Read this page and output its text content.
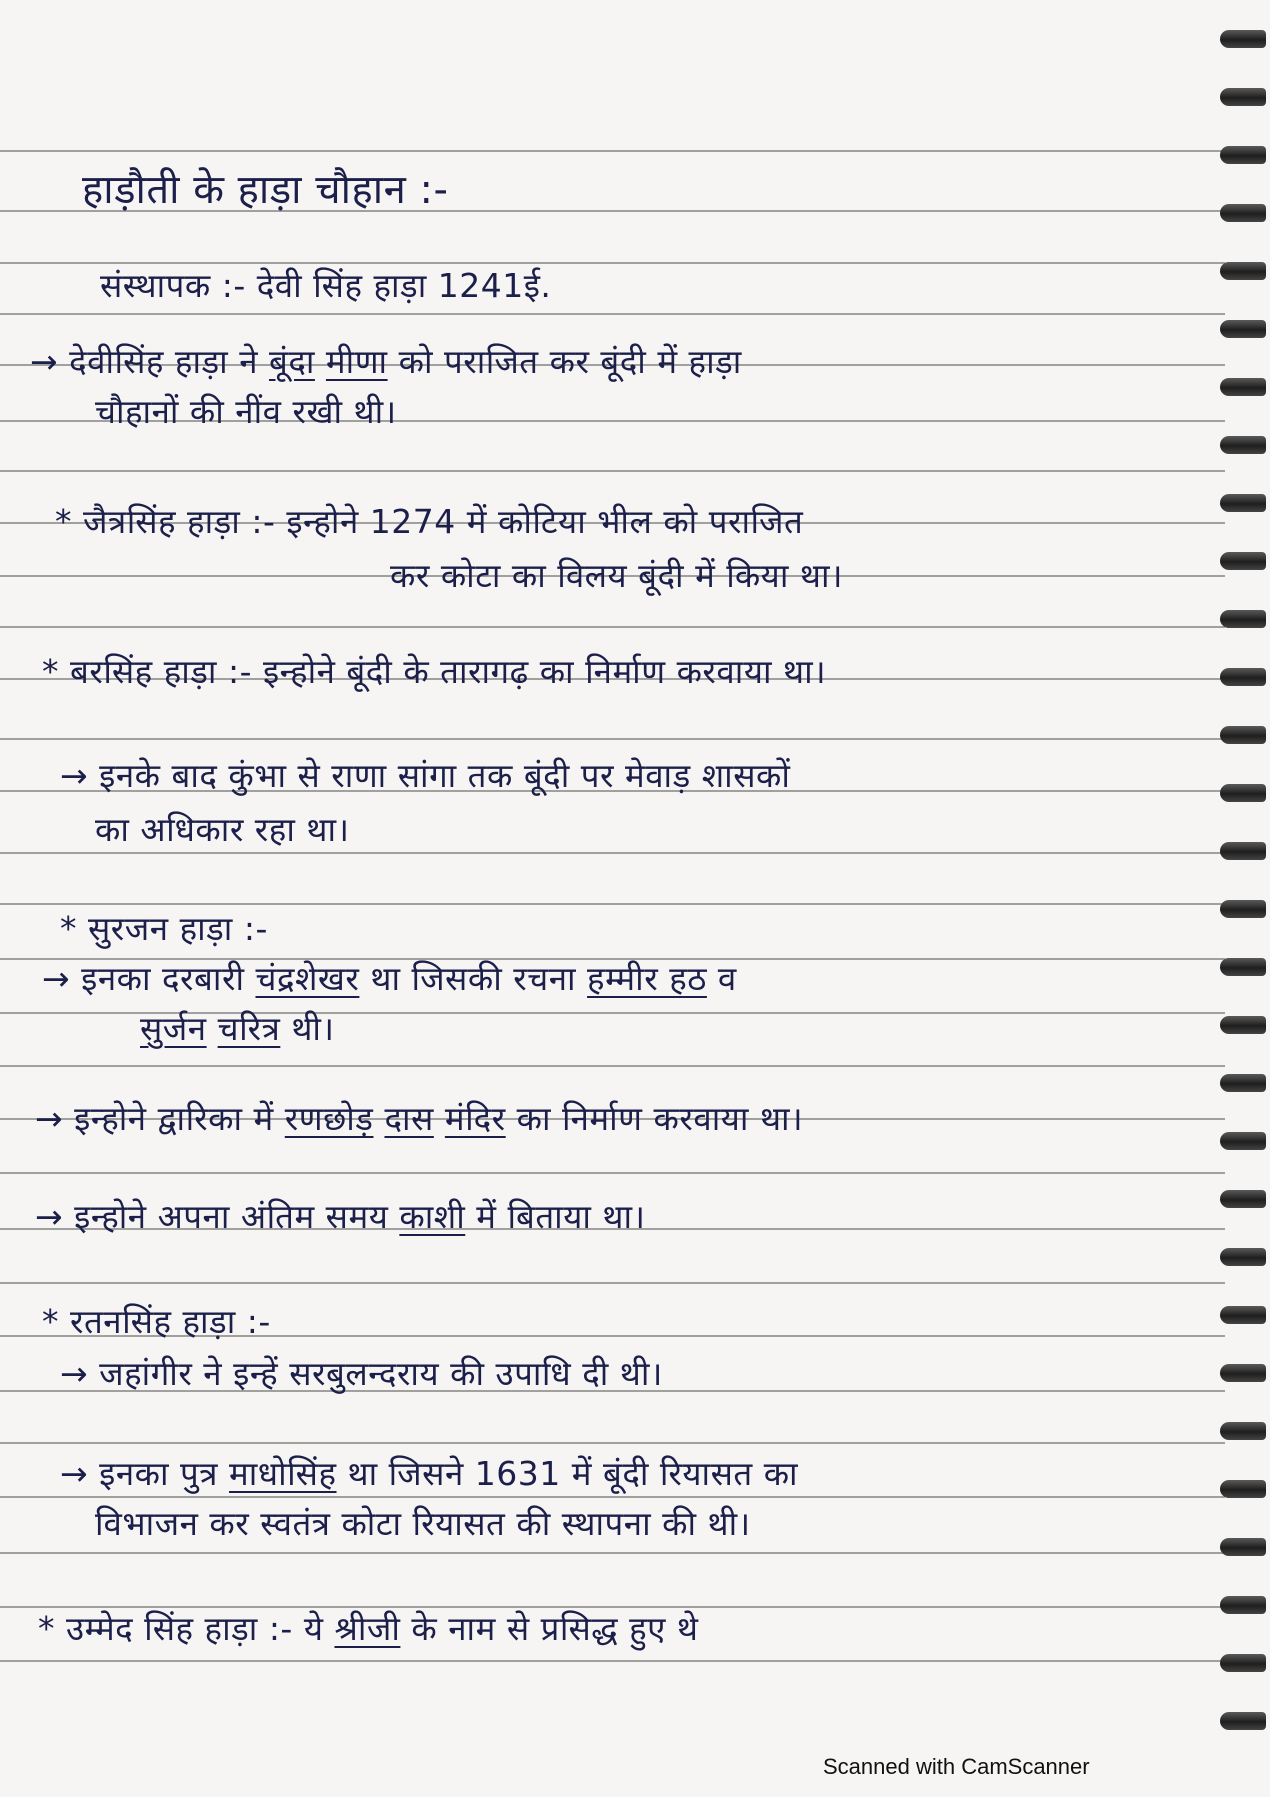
हाड़ौती के हाड़ा चौहान :-
संस्थापक :- देवी सिंह हाड़ा 1241ई.
→ देवीसिंह हाड़ा ने बूंदा मीणा को पराजित कर बूंदी में हाड़ा
चौहानों की नींव रखी थी।
* जैत्रसिंह हाड़ा :- इन्होने 1274 में कोटिया भील को पराजित
कर कोटा का विलय बूंदी में किया था।
* बरसिंह हाड़ा :- इन्होने बूंदी के तारागढ़ का निर्माण करवाया था।
→ इनके बाद कुंभा से राणा सांगा तक बूंदी पर मेवाड़ शासकों
का अधिकार रहा था।
* सुरजन हाड़ा :-
→ इनका दरबारी चंद्रशेखर था जिसकी रचना हम्मीर हठ व
सुर्जन चरित्र थी।
→ इन्होने द्वारिका में रणछोड़ दास मंदिर का निर्माण करवाया था।
→ इन्होने अपना अंतिम समय काशी में बिताया था।
* रतनसिंह हाड़ा :-
→ जहांगीर ने इन्हें सरबुलन्दराय की उपाधि दी थी।
→ इनका पुत्र माधोसिंह था जिसने 1631 में बूंदी रियासत का
विभाजन कर स्वतंत्र कोटा रियासत की स्थापना की थी।
* उम्मेद सिंह हाड़ा :- ये श्रीजी के नाम से प्रसिद्ध हुए थे
Scanned with CamScanner
